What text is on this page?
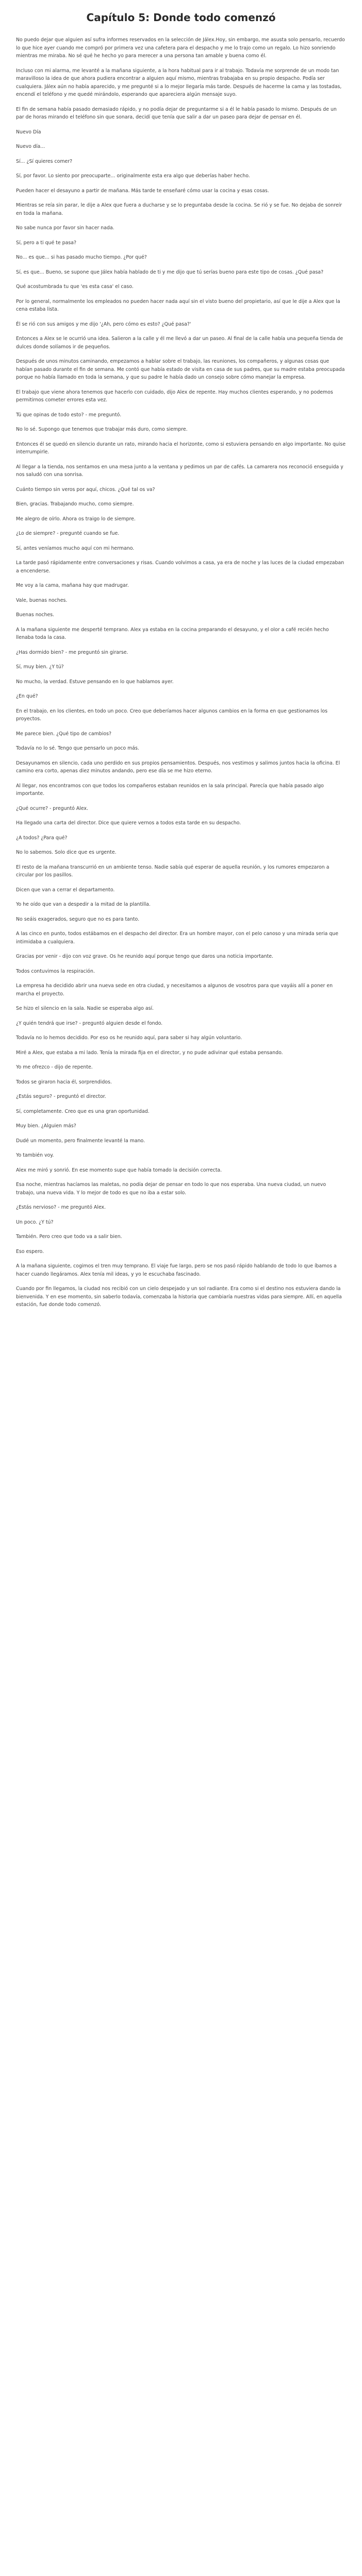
Capítulo 5: Donde todo comenzó

No puedo dejar que alguien así sufra informes reservados en la selección de Jálex.Hoy, sin embargo, me asusta solo pensarlo, recuerdo lo que hice ayer cuando me compró por primera vez una cafetera para el despacho y me lo trajo como un regalo. Lo hizo sonriendo mientras me miraba. No sé qué he hecho yo para merecer a una persona tan amable y buena como él.

Incluso con mi alarma, me levanté a la mañana siguiente, a la hora habitual para ir al trabajo. Todavía me sorprende de un modo tan maravilloso la idea de que ahora pudiera encontrar a alguien aquí mismo, mientras trabajaba en su propio despacho. Podía ser cualquiera. Jálex aún no había aparecido, y me pregunté si a lo mejor llegaría más tarde. Después de hacerme la cama y las tostadas, encendí el teléfono y me quedé mirándolo, esperando que apareciera algún mensaje suyo.

El fin de semana había pasado demasiado rápido, y no podía dejar de preguntarme si a él le había pasado lo mismo. Después de un par de horas mirando el teléfono sin que sonara, decidí que tenía que salir a dar un paseo para dejar de pensar en él.

Nuevo Día

Nuevo día...

Sí... ¿Sí quieres comer?

Sí, por favor. Lo siento por preocuparte... originalmente esta era algo que deberías haber hecho.

Pueden hacer el desayuno a partir de mañana. Más tarde te enseñaré cómo usar la cocina y esas cosas.

Mientras se reía sin parar, le dije a Alex que fuera a ducharse y se lo preguntaba desde la cocina. Se rió y se fue. No dejaba de sonreír en toda la mañana.

No sabe nunca por favor sin hacer nada.

Sí, pero a ti qué te pasa?

No... es que... si has pasado mucho tiempo. ¿Por qué?

Sí, es que... Bueno, se supone que Jálex había hablado de ti y me dijo que tú serías bueno para este tipo de cosas. ¿Qué pasa?

Qué acostumbrada tu que 'es esta casa' el caso.

Por lo general, normalmente los empleados no pueden hacer nada aquí sin el visto bueno del propietario, así que le dije a Alex que la cena estaba lista.

Él se rió con sus amigos y me dijo '¿Ah, pero cómo es esto? ¿Qué pasa?'

Entonces a Alex se le ocurrió una idea. Salieron a la calle y él me llevó a dar un paseo. Al final de la calle había una pequeña tienda de dulces donde solíamos ir de pequeños.

Después de unos minutos caminando, empezamos a hablar sobre el trabajo, las reuniones, los compañeros, y algunas cosas que habían pasado durante el fin de semana. Me contó que había estado de visita en casa de sus padres, que su madre estaba preocupada porque no había llamado en toda la semana, y que su padre le había dado un consejo sobre cómo manejar la empresa.

El trabajo que viene ahora tenemos que hacerlo con cuidado, dijo Alex de repente. Hay muchos clientes esperando, y no podemos permitirnos cometer errores esta vez.

Tú que opinas de todo esto? - me preguntó.

No lo sé. Supongo que tenemos que trabajar más duro, como siempre.

Entonces él se quedó en silencio durante un rato, mirando hacia el horizonte, como si estuviera pensando en algo importante. No quise interrumpirle.

Al llegar a la tienda, nos sentamos en una mesa junto a la ventana y pedimos un par de cafés. La camarera nos reconoció enseguida y nos saludó con una sonrisa.

Cuánto tiempo sin veros por aquí, chicos. ¿Qué tal os va?

Bien, gracias. Trabajando mucho, como siempre.

Me alegro de oírlo. Ahora os traigo lo de siempre.

¿Lo de siempre? - pregunté cuando se fue.

Sí, antes veníamos mucho aquí con mi hermano.

La tarde pasó rápidamente entre conversaciones y risas. Cuando volvimos a casa, ya era de noche y las luces de la ciudad empezaban a encenderse.

Me voy a la cama, mañana hay que madrugar.

Vale, buenas noches.

Buenas noches.

A la mañana siguiente me desperté temprano. Alex ya estaba en la cocina preparando el desayuno, y el olor a café recién hecho llenaba toda la casa.

¿Has dormido bien? - me preguntó sin girarse.

Sí, muy bien. ¿Y tú?

No mucho, la verdad. Estuve pensando en lo que hablamos ayer.

¿En qué?

En el trabajo, en los clientes, en todo un poco. Creo que deberíamos hacer algunos cambios en la forma en que gestionamos los proyectos.

Me parece bien. ¿Qué tipo de cambios?

Todavía no lo sé. Tengo que pensarlo un poco más.

Desayunamos en silencio, cada uno perdido en sus propios pensamientos. Después, nos vestimos y salimos juntos hacia la oficina. El camino era corto, apenas diez minutos andando, pero ese día se me hizo eterno.

Al llegar, nos encontramos con que todos los compañeros estaban reunidos en la sala principal. Parecía que había pasado algo importante.

¿Qué ocurre? - preguntó Alex.

Ha llegado una carta del director. Dice que quiere vernos a todos esta tarde en su despacho.

¿A todos? ¿Para qué?

No lo sabemos. Solo dice que es urgente.

El resto de la mañana transcurrió en un ambiente tenso. Nadie sabía qué esperar de aquella reunión, y los rumores empezaron a circular por los pasillos.

Dicen que van a cerrar el departamento.

Yo he oído que van a despedir a la mitad de la plantilla.

No seáis exagerados, seguro que no es para tanto.

A las cinco en punto, todos estábamos en el despacho del director. Era un hombre mayor, con el pelo canoso y una mirada seria que intimidaba a cualquiera.

Gracias por venir - dijo con voz grave. Os he reunido aquí porque tengo que daros una noticia importante.

Todos contuvimos la respiración.

La empresa ha decidido abrir una nueva sede en otra ciudad, y necesitamos a algunos de vosotros para que vayáis allí a poner en marcha el proyecto.

Se hizo el silencio en la sala. Nadie se esperaba algo así.

¿Y quién tendrá que irse? - preguntó alguien desde el fondo.

Todavía no lo hemos decidido. Por eso os he reunido aquí, para saber si hay algún voluntario.

Miré a Alex, que estaba a mi lado. Tenía la mirada fija en el director, y no pude adivinar qué estaba pensando.

Yo me ofrezco - dijo de repente.

Todos se giraron hacia él, sorprendidos.

¿Estás seguro? - preguntó el director.

Sí, completamente. Creo que es una gran oportunidad.

Muy bien. ¿Alguien más?

Dudé un momento, pero finalmente levanté la mano.

Yo también voy.

Alex me miró y sonrió. En ese momento supe que había tomado la decisión correcta.

Esa noche, mientras hacíamos las maletas, no podía dejar de pensar en todo lo que nos esperaba. Una nueva ciudad, un nuevo trabajo, una nueva vida. Y lo mejor de todo es que no iba a estar solo.

¿Estás nervioso? - me preguntó Alex.

Un poco. ¿Y tú?

También. Pero creo que todo va a salir bien.

Eso espero.

A la mañana siguiente, cogimos el tren muy temprano. El viaje fue largo, pero se nos pasó rápido hablando de todo lo que íbamos a hacer cuando llegáramos. Alex tenía mil ideas, y yo le escuchaba fascinado.

Cuando por fin llegamos, la ciudad nos recibió con un cielo despejado y un sol radiante. Era como si el destino nos estuviera dando la bienvenida. Y en ese momento, sin saberlo todavía, comenzaba la historia que cambiaría nuestras vidas para siempre. Allí, en aquella estación, fue donde todo comenzó.
